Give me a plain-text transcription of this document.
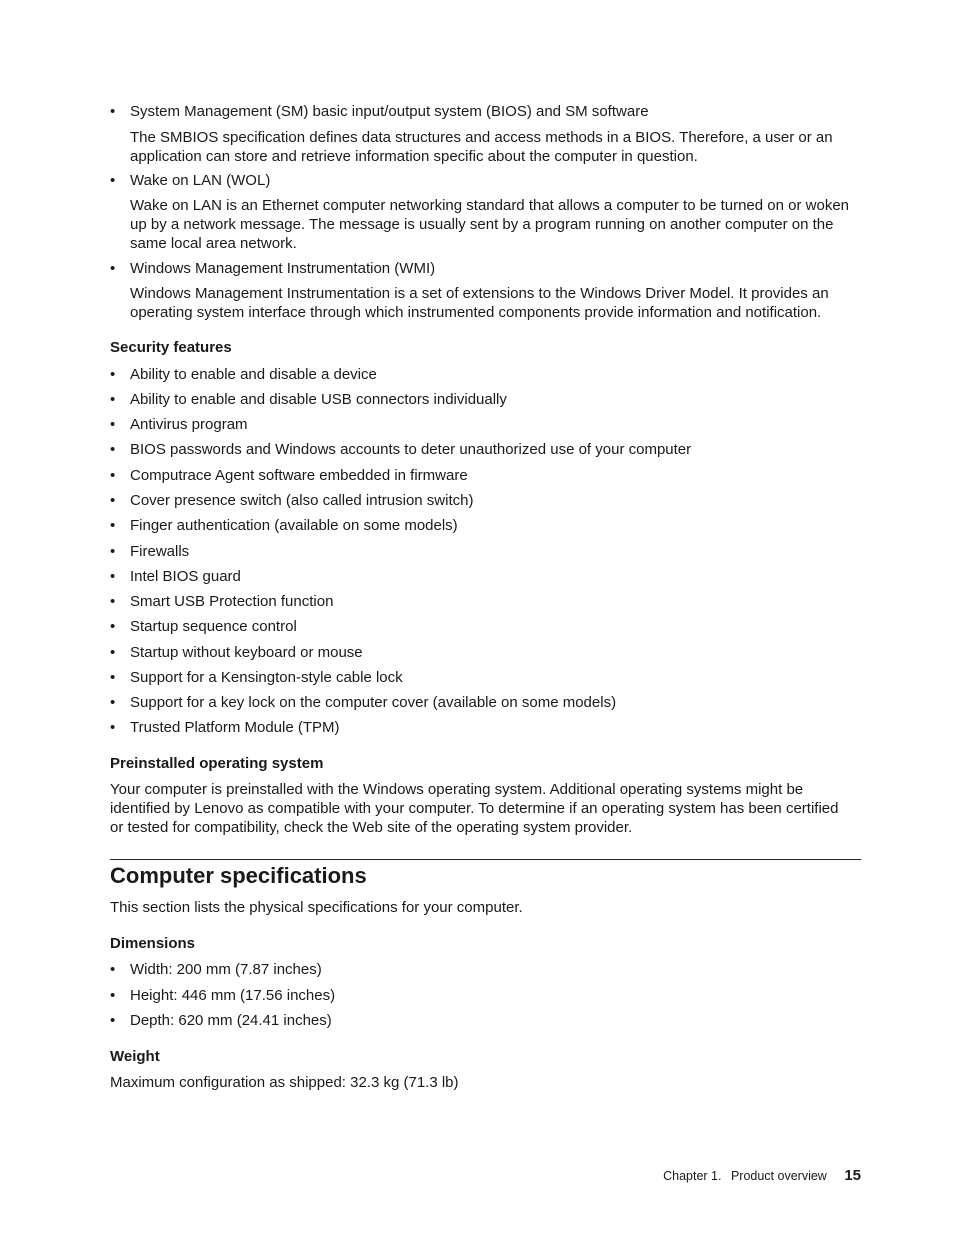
• System Management (SM) basic input/output system (BIOS) and SM software

The SMBIOS specification defines data structures and access methods in a BIOS. Therefore, a user or an application can store and retrieve information specific about the computer in question.

• Wake on LAN (WOL)

Wake on LAN is an Ethernet computer networking standard that allows a computer to be turned on or woken up by a network message. The message is usually sent by a program running on another computer on the same local area network.

• Windows Management Instrumentation (WMI)

Windows Management Instrumentation is a set of extensions to the Windows Driver Model. It provides an operating system interface through which instrumented components provide information and notification.

Security features

• Ability to enable and disable a device

• Ability to enable and disable USB connectors individually

• Antivirus program

• BIOS passwords and Windows accounts to deter unauthorized use of your computer

• Computrace Agent software embedded in firmware

• Cover presence switch (also called intrusion switch)

• Finger authentication (available on some models)

• Firewalls

• Intel BIOS guard

• Smart USB Protection function

• Startup sequence control

• Startup without keyboard or mouse

• Support for a Kensington-style cable lock

• Support for a key lock on the computer cover (available on some models)

• Trusted Platform Module (TPM)

Preinstalled operating system

Your computer is preinstalled with the Windows operating system. Additional operating systems might be identified by Lenovo as compatible with your computer. To determine if an operating system has been certified or tested for compatibility, check the Web site of the operating system provider.

This section lists the physical specifications for your computer.

Dimensions

• Width: 200 mm (7.87 inches)

• Height: 446 mm (17.56 inches)

• Depth: 620 mm (24.41 inches)

Weight

Maximum configuration as shipped: 32.3 kg (71.3 lb)

Computer specifications
Chapter 1. Product overview 15
